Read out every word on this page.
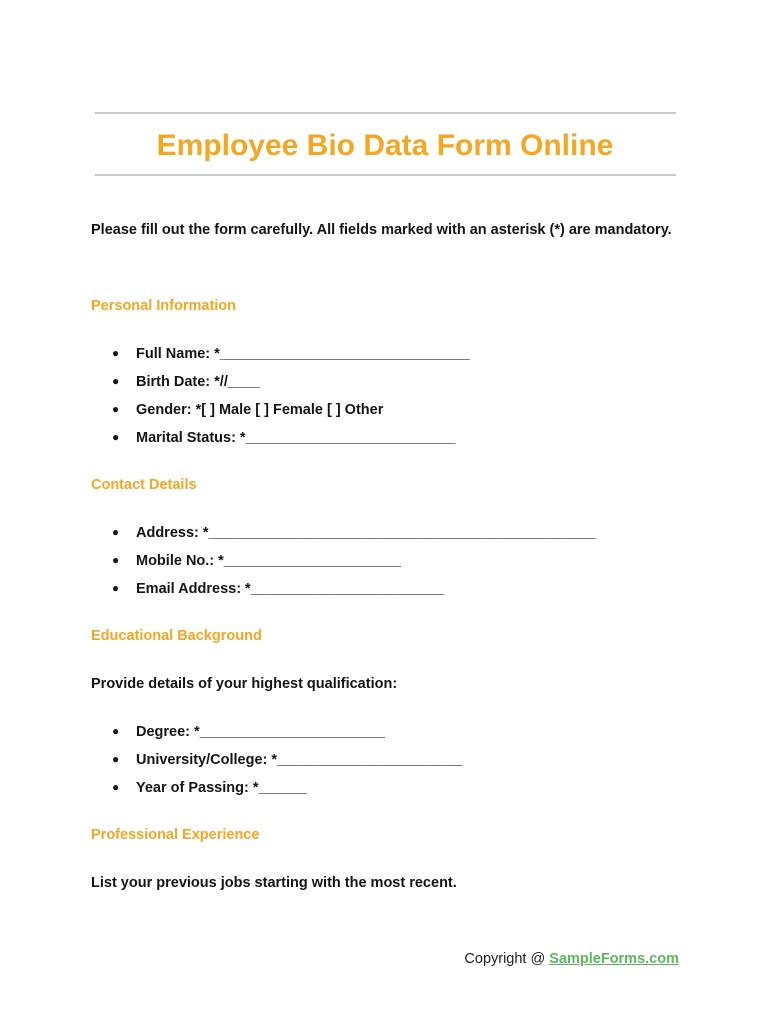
Employee Bio Data Form Online
Please fill out the form carefully. All fields marked with an asterisk (*) are mandatory.
Personal Information
● Full Name: *_______________________________
● Birth Date: *//____
● Gender: *[ ] Male [ ] Female [ ] Other
● Marital Status: *__________________________
Contact Details
● Address: *________________________________________________
● Mobile No.: *______________________
● Email Address: *________________________
Educational Background
Provide details of your highest qualification:
● Degree: *_______________________
● University/College: *_______________________
● Year of Passing: *______
Professional Experience
List your previous jobs starting with the most recent.
Copyright @ SampleForms.com
